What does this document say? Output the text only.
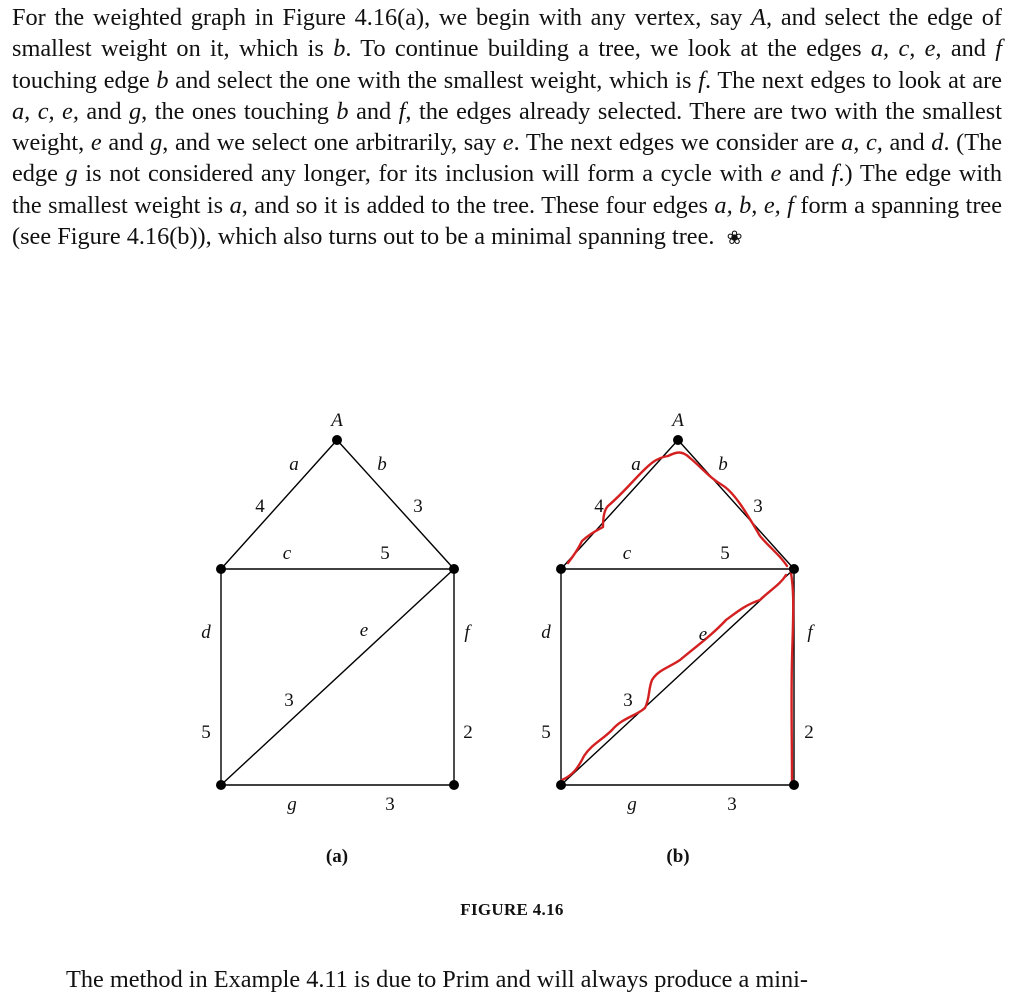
For the weighted graph in Figure 4.16(a), we begin with any vertex, say A, and select the edge of smallest weight on it, which is b. To continue building a tree, we look at the edges a, c, e, and f touching edge b and select the one with the smallest weight, which is f. The next edges to look at are a, c, e, and g, the ones touching b and f, the edges already selected. There are two with the smallest weight, e and g, and we select one arbitrarily, say e. The next edges we consider are a, c, and d. (The edge g is not considered any longer, for its inclusion will form a cycle with e and f.) The edge with the smallest weight is a, and so it is added to the tree. These four edges a, b, e, f form a spanning tree (see Figure 4.16(b)), which also turns out to be a minimal spanning tree. ❀

A
a
4
b
3
c	5
d
5
e
3
f
2
g	3
(a)
A
a
4
b
3
c	5
d
5
e
3
f
2
g	3
(b)
FIGURE 4.16

The method in Example 4.11 is due to Prim and will always produce a mini-
